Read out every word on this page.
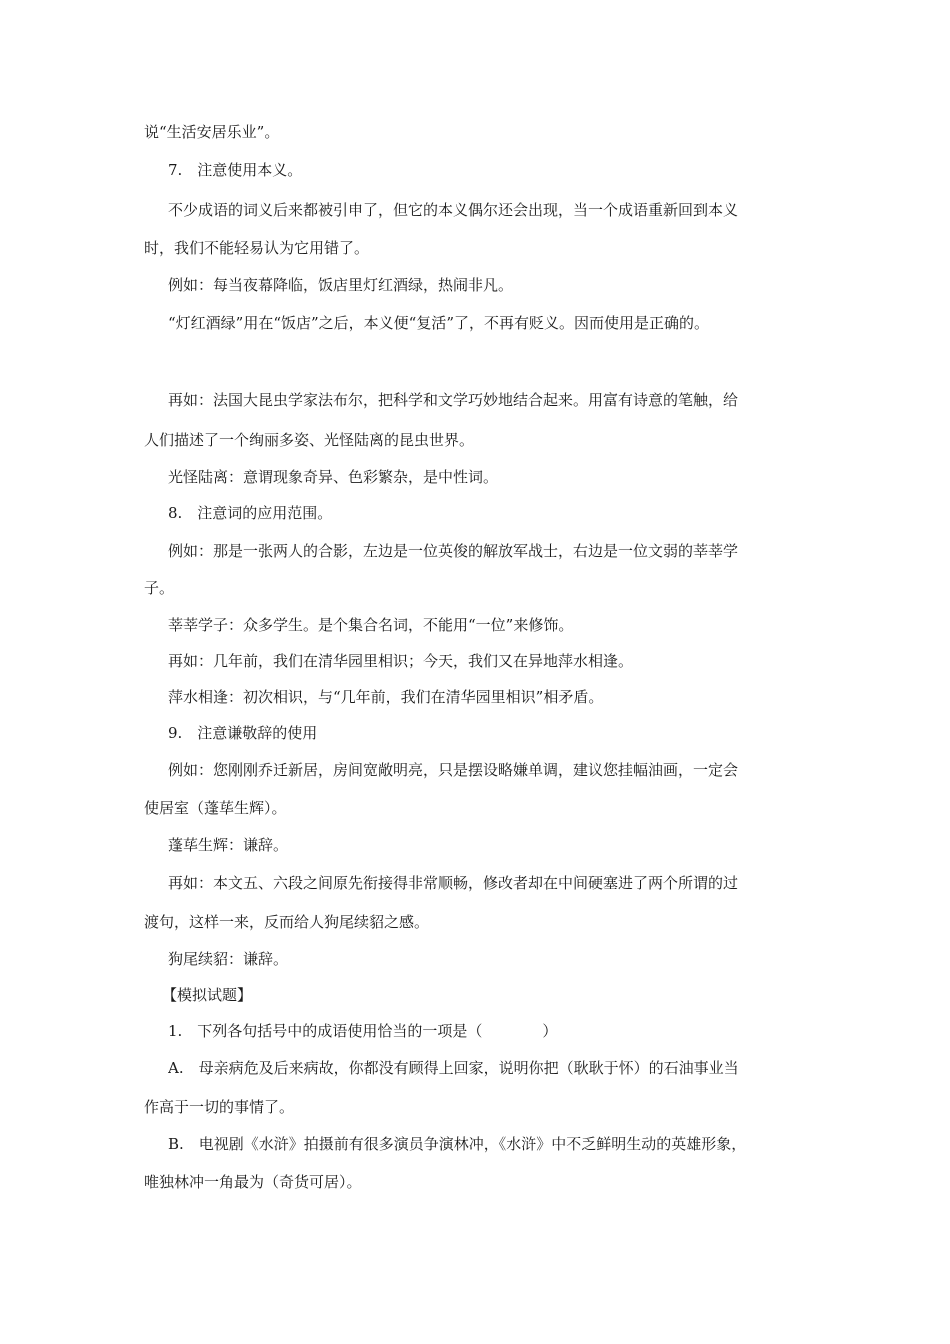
说“生活安居乐业”。
7.　注意使用本义。
不少成语的词义后来都被引申了，但它的本义偶尔还会出现，当一个成语重新回到本义
时，我们不能轻易认为它用错了。
例如：每当夜幕降临，饭店里灯红酒绿，热闹非凡。
“灯红酒绿”用在“饭店”之后，本义便“复活”了，不再有贬义。因而使用是正确的。
再如：法国大昆虫学家法布尔，把科学和文学巧妙地结合起来。用富有诗意的笔触，给
人们描述了一个绚丽多姿、光怪陆离的昆虫世界。
光怪陆离：意谓现象奇异、色彩繁杂，是中性词。
8.　注意词的应用范围。
例如：那是一张两人的合影，左边是一位英俊的解放军战士，右边是一位文弱的莘莘学
子。
莘莘学子：众多学生。是个集合名词，不能用“一位”来修饰。
再如：几年前，我们在清华园里相识；今天，我们又在异地萍水相逢。
萍水相逢：初次相识，与“几年前，我们在清华园里相识”相矛盾。
9.　注意谦敬辞的使用
例如：您刚刚乔迁新居，房间宽敞明亮，只是摆设略嫌单调，建议您挂幅油画，一定会
使居室（蓬荜生辉）。
蓬荜生辉：谦辞。
再如：本文五、六段之间原先衔接得非常顺畅，修改者却在中间硬塞进了两个所谓的过
渡句，这样一来，反而给人狗尾续貂之感。
狗尾续貂：谦辞。
【模拟试题】
1.　下列各句括号中的成语使用恰当的一项是（　　　　）
A.　母亲病危及后来病故，你都没有顾得上回家，说明你把（耿耿于怀）的石油事业当
作高于一切的事情了。
B.　电视剧《水浒》拍摄前有很多演员争演林冲，《水浒》中不乏鲜明生动的英雄形象，
唯独林冲一角最为（奇货可居）。
